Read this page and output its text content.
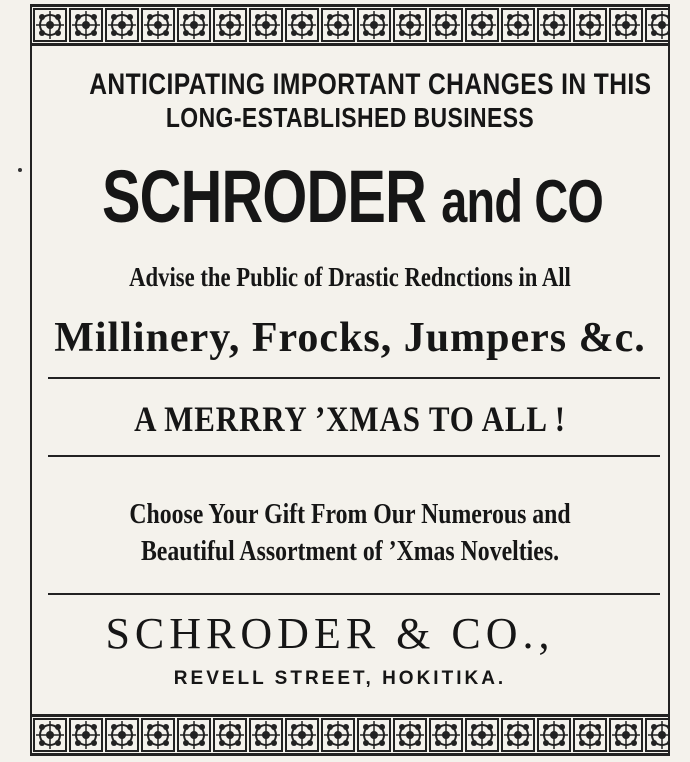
ANTICIPATING IMPORTANT CHANGES IN THIS
LONG-ESTABLISHED BUSINESS
SCHRODER and CO
Advise the Public of Drastic Rednctions in All
Millinery, Frocks, Jumpers &c.
A MERRRY ’XMAS TO ALL !
Choose Your Gift From Our Numerous and
Beautiful Assortment of ’Xmas Novelties.
SCHRODER & CO.,
REVELL STREET, HOKITIKA.
